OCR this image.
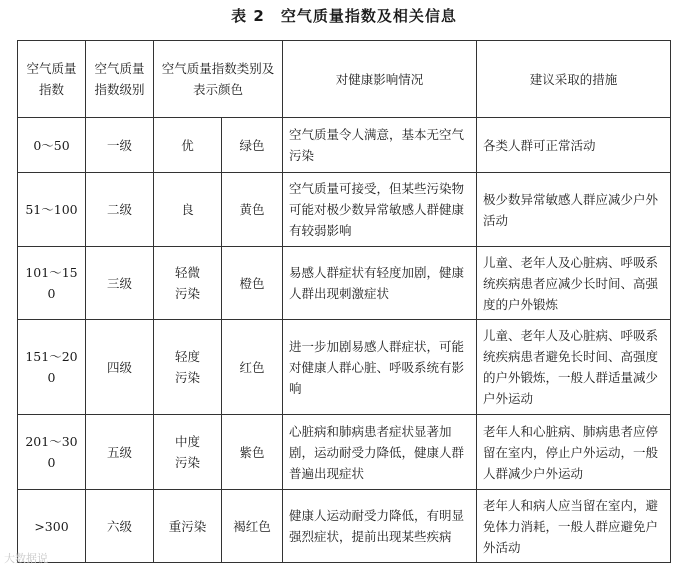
表 2　空气质量指数及相关信息
空气质量指数	空气质量指数级别	空气质量指数类别及表示颜色		对健康影响情况	建议采取的措施
0～50	一级	优	绿色	空气质量令人满意，基本无空气污染	各类人群可正常活动
51～100	二级	良	黄色	空气质量可接受，但某些污染物可能对极少数异常敏感人群健康有较弱影响	极少数异常敏感人群应减少户外活动
101～150	三级	轻微污染	橙色	易感人群症状有轻度加剧，健康人群出现刺激症状	儿童、老年人及心脏病、呼吸系统疾病患者应减少长时间、高强度的户外锻炼
151～200	四级	轻度污染	红色	进一步加剧易感人群症状，可能对健康人群心脏、呼吸系统有影响	儿童、老年人及心脏病、呼吸系统疾病患者避免长时间、高强度的户外锻炼，一般人群适量减少户外运动
201～300	五级	中度污染	紫色	心脏病和肺病患者症状显著加剧，运动耐受力降低，健康人群普遍出现症状	老年人和心脏病、肺病患者应停留在室内，停止户外运动，一般人群减少户外运动
>300	六级	重污染	褐红色	健康人运动耐受力降低，有明显强烈症状，提前出现某些疾病	老年人和病人应当留在室内，避免体力消耗，一般人群应避免户外活动
大数据说
